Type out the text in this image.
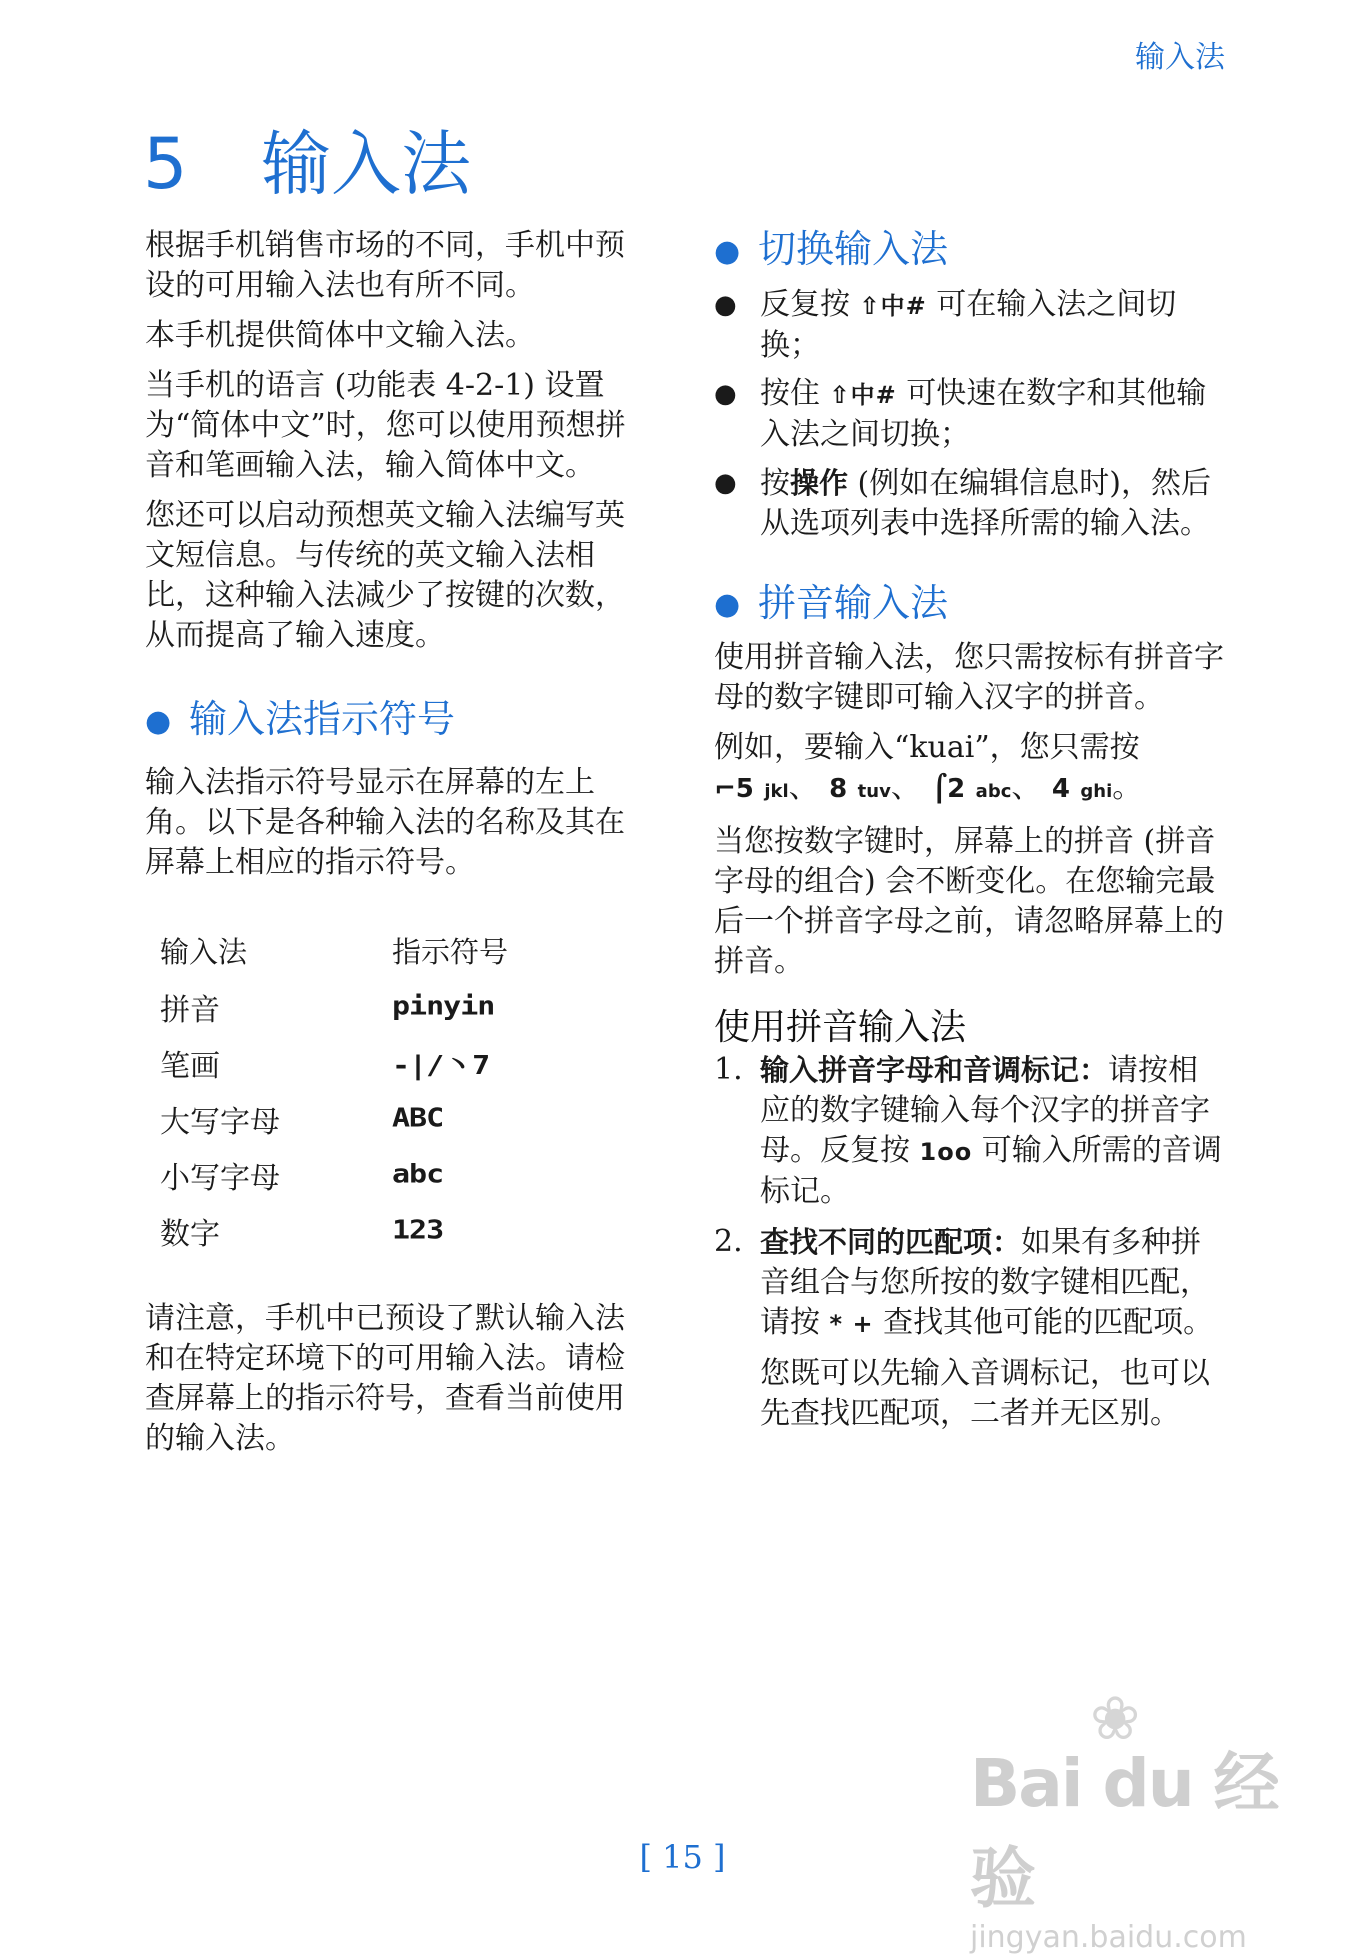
输入法
5 输入法

根据手机销售市场的不同，手机中预设的可用输入法也有所不同。

本手机提供简体中文输入法。

当手机的语言 (功能表 4-2-1) 设置为“简体中文”时，您可以使用预想拼音和笔画输入法，输入简体中文。

您还可以启动预想英文输入法编写英文短信息。与传统的英文输入法相比，这种输入法减少了按键的次数，从而提高了输入速度。

● 输入法指示符号

输入法指示符号显示在屏幕的左上角。以下是各种输入法的名称及其在屏幕上相应的指示符号。

输入法	指示符号
拼音	pinyin
笔画	-|/丶7
大写字母	ABC
小写字母	abc
数字	123

请注意，手机中已预设了默认输入法和在特定环境下的可用输入法。请检查屏幕上的指示符号，查看当前使用的输入法。

● 切换输入法
● 反复按 ⇧中# 可在输入法之间切换；
● 按住 ⇧中# 可快速在数字和其他输入法之间切换；
● 按操作 (例如在编辑信息时)，然后从选项列表中选择所需的输入法。
● 拼音输入法

使用拼音输入法，您只需按标有拼音字母的数字键即可输入汉字的拼音。

例如，要输入“kuai”，您只需按

⌐5 jkl、 8 tuv、 ⌠2 abc、 4 ghi。

当您按数字键时，屏幕上的拼音 (拼音字母的组合) 会不断变化。在您输完最后一个拼音字母之前，请忽略屏幕上的拼音。

使用拼音输入法
1. 输入拼音字母和音调标记：请按相应的数字键输入每个汉字的拼音字母。反复按 1ᴏᴏ 可输入所需的音调标记。
2. 查找不同的匹配项：如果有多种拼音组合与您所按的数字键相匹配，请按 * + 查找其他可能的匹配项。

您既可以先输入音调标记，也可以先查找匹配项，二者并无区别。

[ 15 ]
❀
Bai du 经验
jingyan.baidu.com
